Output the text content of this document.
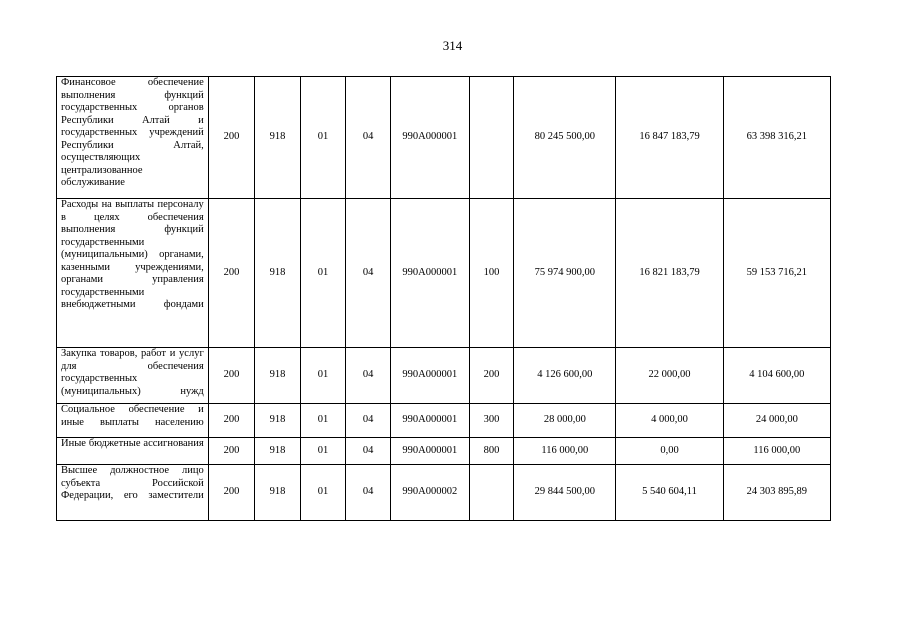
314
Финансовое обеспечение выполнения функций государственных органов Республики Алтай и государственных учреждений Республики Алтай, осуществляющих централизованное обслуживание	200	918	01	04	990A000001		80 245 500,00	16 847 183,79	63 398 316,21

Расходы на выплаты персоналу в целях обеспечения выполнения функций государственными (муниципальными) органами, казенными учреждениями, органами управления государственными внебюджетными фондами	200	918	01	04	990A000001	100	75 974 900,00	16 821 183,79	59 153 716,21

Закупка товаров, работ и услуг для обеспечения государственных (муниципальных) нужд	200	918	01	04	990A000001	200	4 126 600,00	22 000,00	4 104 600,00

Социальное обеспечение и иные выплаты населению	200	918	01	04	990A000001	300	28 000,00	4 000,00	24 000,00

Иные бюджетные ассигнования	200	918	01	04	990A000001	800	116 000,00	0,00	116 000,00

Высшее должностное лицо субъекта Российской Федерации, его заместители	200	918	01	04	990A000002		29 844 500,00	5 540 604,11	24 303 895,89
